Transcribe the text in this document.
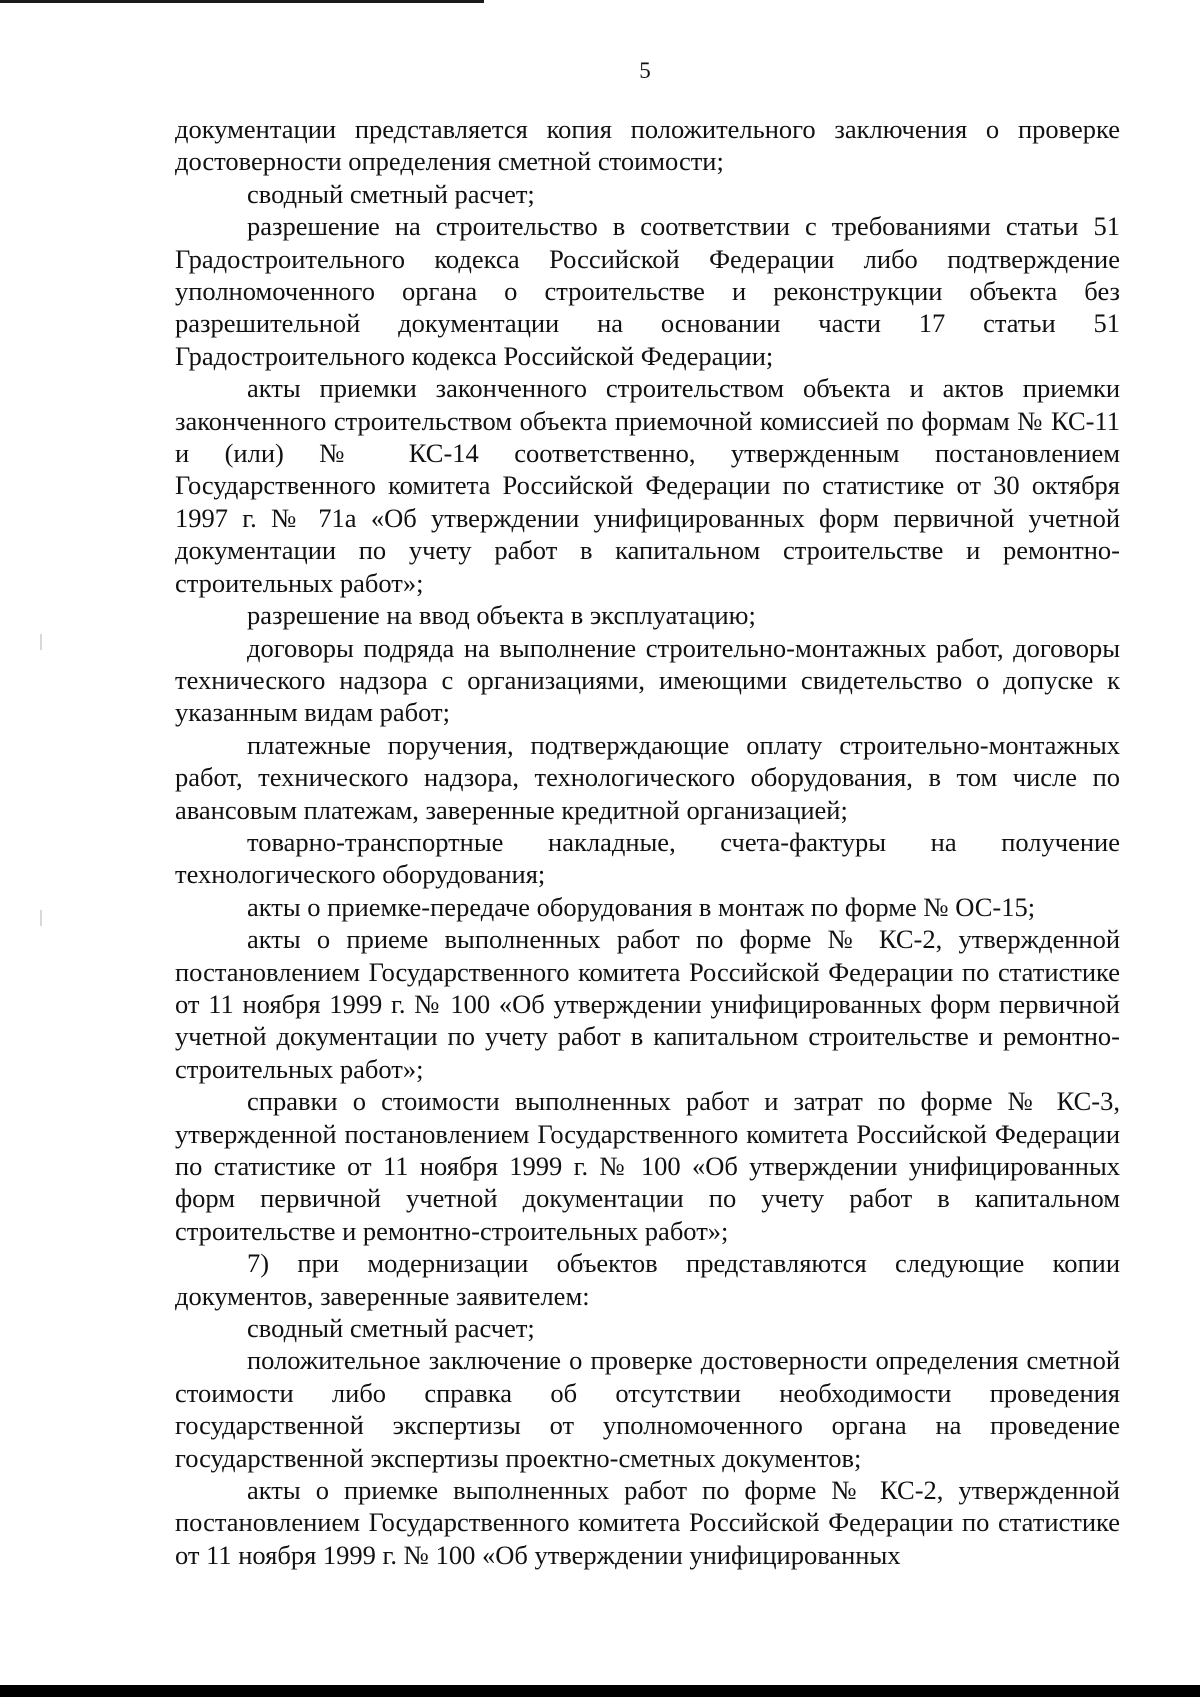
5

документации представляется копия положительного заключения о проверке достоверности определения сметной стоимости;

сводный сметный расчет;

разрешение на строительство в соответствии с требованиями статьи 51 Градостроительного кодекса Российской Федерации либо подтверждение уполномоченного органа о строительстве и реконструкции объекта без разрешительной документации на основании части 17 статьи 51 Градостроительного кодекса Российской Федерации;

акты приемки законченного строительством объекта и актов приемки законченного строительством объекта приемочной комиссией по формам № КС-11 и (или) № КС-14 соответственно, утвержденным постановлением Государственного комитета Российской Федерации по статистике от 30 октября 1997 г. № 71а «Об утверждении унифицированных форм первичной учетной документации по учету работ в капитальном строительстве и ремонтно-строительных работ»;

разрешение на ввод объекта в эксплуатацию;

договоры подряда на выполнение строительно-монтажных работ, договоры технического надзора с организациями, имеющими свидетельство о допуске к указанным видам работ;

платежные поручения, подтверждающие оплату строительно-монтажных работ, технического надзора, технологического оборудования, в том числе по авансовым платежам, заверенные кредитной организацией;

товарно-транспортные накладные, счета-фактуры на получение технологического оборудования;

акты о приемке-передаче оборудования в монтаж по форме № ОС-15;

акты о приеме выполненных работ по форме № КС-2, утвержденной постановлением Государственного комитета Российской Федерации по статистике от 11 ноября 1999 г. № 100 «Об утверждении унифицированных форм первичной учетной документации по учету работ в капитальном строительстве и ремонтно-строительных работ»;

справки о стоимости выполненных работ и затрат по форме № КС-3, утвержденной постановлением Государственного комитета Российской Федерации по статистике от 11 ноября 1999 г. № 100 «Об утверждении унифицированных форм первичной учетной документации по учету работ в капитальном строительстве и ремонтно-строительных работ»;

7) при модернизации объектов представляются следующие копии документов, заверенные заявителем:

сводный сметный расчет;

положительное заключение о проверке достоверности определения сметной стоимости либо справка об отсутствии необходимости проведения государственной экспертизы от уполномоченного органа на проведение государственной экспертизы проектно-сметных документов;

акты о приемке выполненных работ по форме № КС-2, утвержденной постановлением Государственного комитета Российской Федерации по статистике от 11 ноября 1999 г. № 100 «Об утверждении унифицированных
